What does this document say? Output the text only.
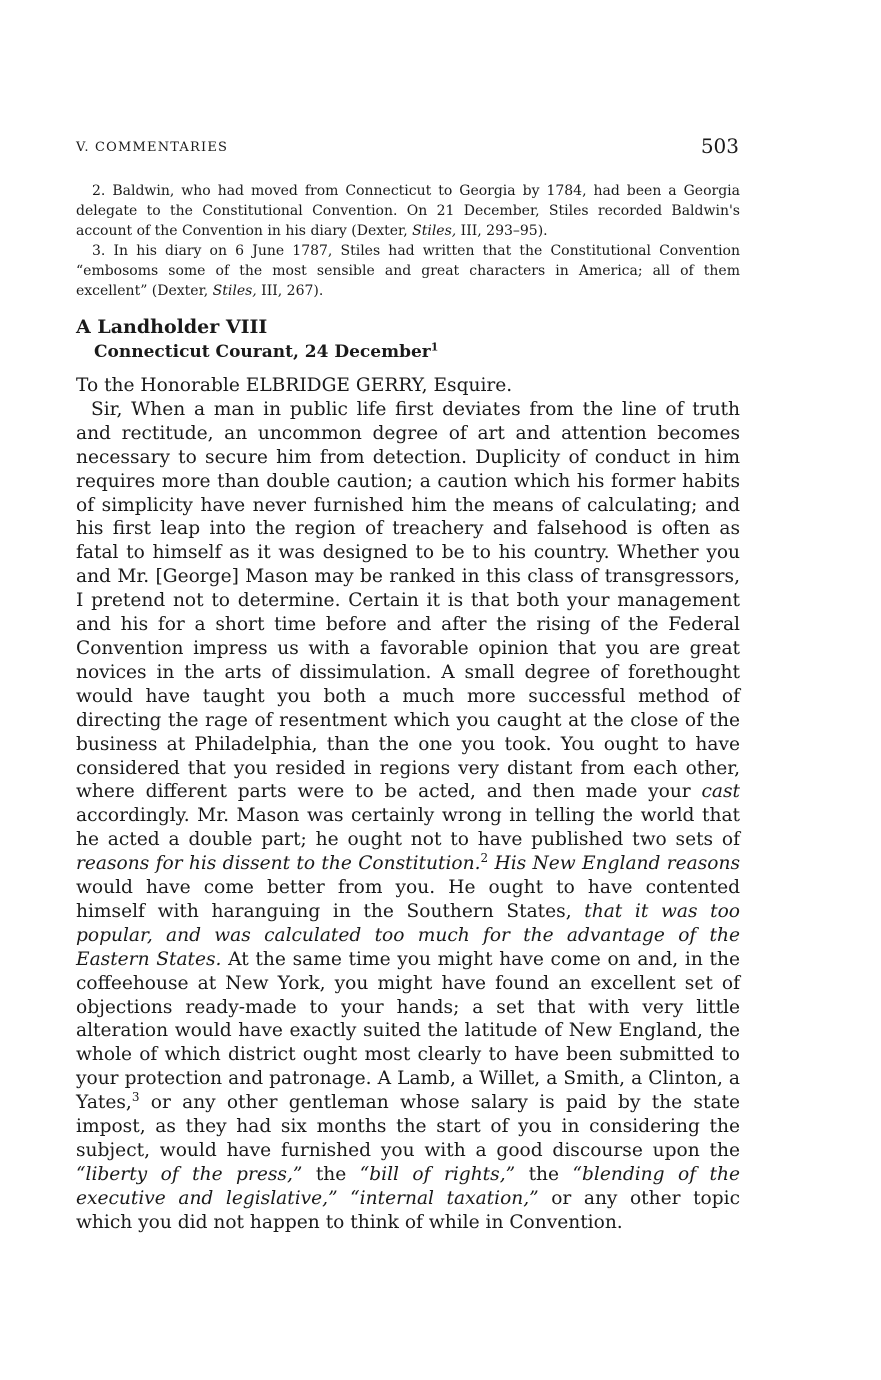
V. COMMENTARIES	503

2. Baldwin, who had moved from Connecticut to Georgia by 1784, had been a Georgia delegate to the Constitutional Convention. On 21 December, Stiles recorded Baldwin's account of the Convention in his diary (Dexter, Stiles, III, 293–95).

3. In his diary on 6 June 1787, Stiles had written that the Constitutional Convention “embosoms some of the most sensible and great characters in America; all of them excellent” (Dexter, Stiles, III, 267).

A Landholder VIII
Connecticut Courant, 24 December$^1$

To the Honorable ELBRIDGE GERRY, Esquire.

Sir, When a man in public life first deviates from the line of truth and rectitude, an uncommon degree of art and attention becomes necessary to secure him from detection. Duplicity of conduct in him requires more than double caution; a caution which his former habits of simplicity have never furnished him the means of calculating; and his first leap into the region of treachery and falsehood is often as fatal to himself as it was designed to be to his country. Whether you and Mr. [George] Mason may be ranked in this class of transgressors, I pretend not to determine. Certain it is that both your management and his for a short time before and after the rising of the Federal Convention impress us with a favorable opinion that you are great novices in the arts of dissimulation. A small degree of forethought would have taught you both a much more successful method of directing the rage of resentment which you caught at the close of the business at Philadelphia, than the one you took. You ought to have considered that you resided in regions very distant from each other, where different parts were to be acted, and then made your cast accordingly. Mr. Mason was certainly wrong in telling the world that he acted a double part; he ought not to have published two sets of reasons for his dissent to the Constitution.$^2$ His New England reasons would have come better from you. He ought to have contented himself with haranguing in the Southern States, that it was too popular, and was calculated too much for the advantage of the Eastern States. At the same time you might have come on and, in the coffeehouse at New York, you might have found an excellent set of objections ready-made to your hands; a set that with very little alteration would have exactly suited the latitude of New England, the whole of which district ought most clearly to have been submitted to your protection and patronage. A Lamb, a Willet, a Smith, a Clinton, a Yates,$^3$ or any other gentleman whose salary is paid by the state impost, as they had six months the start of you in considering the subject, would have furnished you with a good discourse upon the “liberty of the press,” the “bill of rights,” the “blending of the executive and legislative,” “internal taxation,” or any other topic which you did not happen to think of while in Convention.
